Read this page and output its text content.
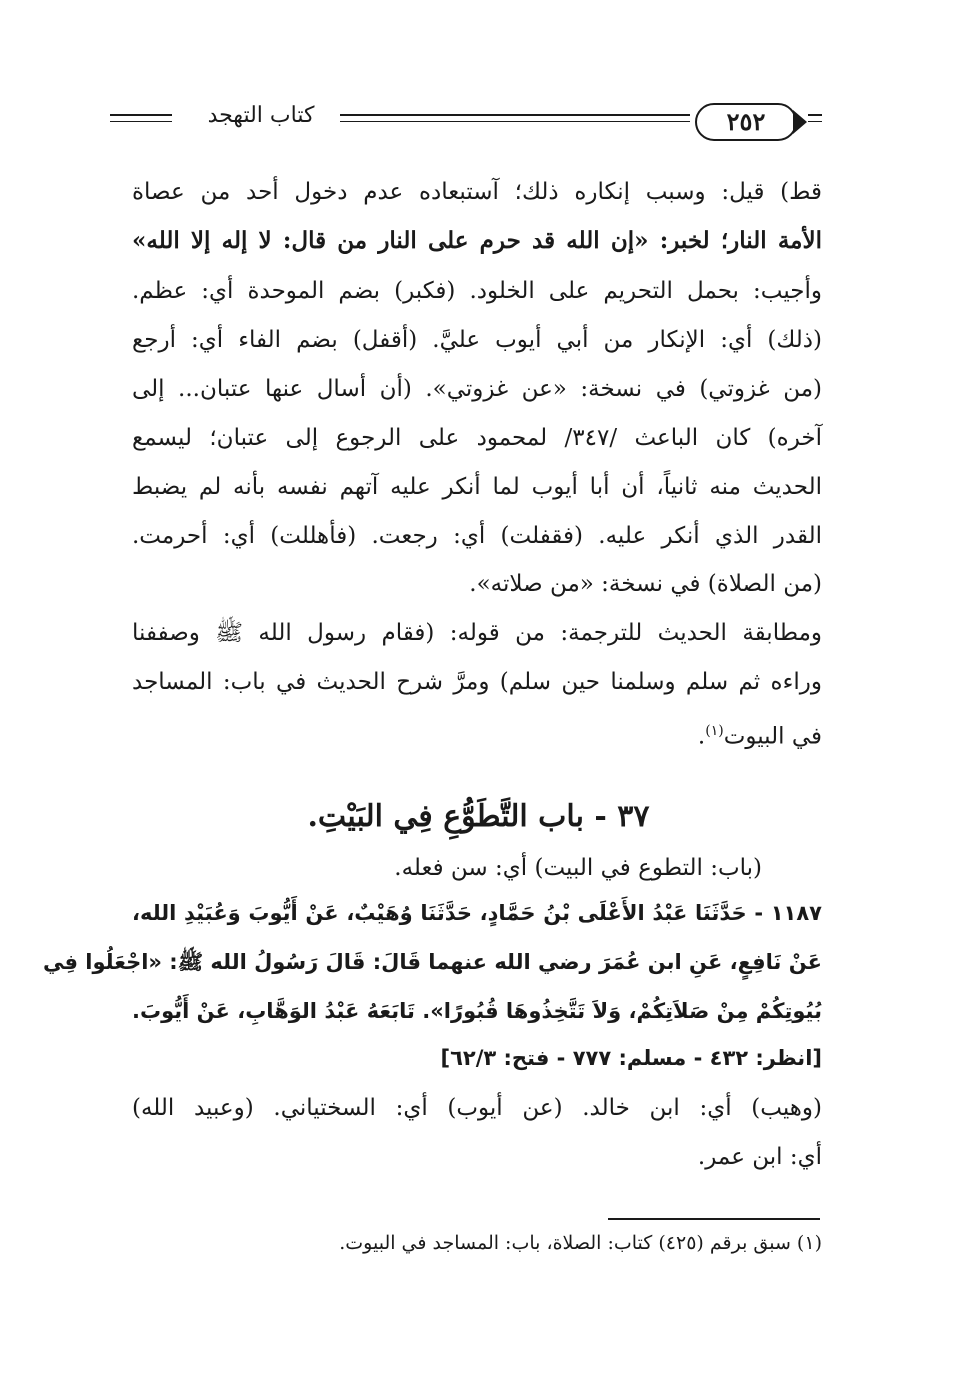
كتاب التهجد	٢٥٢
قط) قيل: وسبب إنكاره ذلك؛ آستبعاده عدم دخول أحد من عصاة
الأمة النار؛ لخبر: «إن الله قد حرم على النار من قال: لا إله إلا الله»
وأجيب: بحمل التحريم على الخلود. (فكبر) بضم الموحدة أي: عظم.
(ذلك) أي: الإنكار من أبي أيوب عليَّ. (أقفل) بضم الفاء أي: أرجع
(من غزوتي) في نسخة: «عن غزوتي». (أن أسال عنها عتبان... إلى
آخره) كان الباعث /٣٤٧/ لمحمود على الرجوع إلى عتبان؛ ليسمع
الحديث منه ثانياً، أن أبا أيوب لما أنكر عليه آتهم نفسه بأنه لم يضبط
القدر الذي أنكر عليه. (فقفلت) أي: رجعت. (فأهللت) أي: أحرمت.
(من الصلاة) في نسخة: «من صلاته».
ومطابقة الحديث للترجمة: من قوله: (فقام رسول الله ﷺ وصففنا
وراءه ثم سلم وسلمنا حين سلم) ومرَّ شرح الحديث في باب: المساجد
في البيوت$^{(١)}$.
٣٧ - باب التَّطَوُّعِ فِي البَيْتِ.
(باب: التطوع في البيت) أي: سن فعله.
١١٨٧ - حَدَّثَنَا عَبْدُ الأَعْلَى بْنُ حَمَّادٍ، حَدَّثَنَا وُهَيْبٌ، عَنْ أَيُّوبَ وَعُبَيْدِ الله،
عَنْ نَافِعٍ، عَنِ ابن عُمَرَ رضي الله عنهما قَالَ: قَالَ رَسُولُ الله ﷺ: «اجْعَلُوا فِي
بُيُوتِكُمْ مِنْ صَلاَتِكُمْ، وَلاَ تَتَّخِذُوهَا قُبُورًا». تَابَعَهُ عَبْدُ الوَهَّابِ، عَنْ أَيُّوبَ.
[انظر: ٤٣٢ - مسلم: ٧٧٧ - فتح: ٦٢/٣]
(وهيب) أي: ابن خالد. (عن أيوب) أي: السختياني. (وعبيد الله)
أي: ابن عمر.
(١) سبق برقم (٤٢٥) كتاب: الصلاة، باب: المساجد في البيوت.
